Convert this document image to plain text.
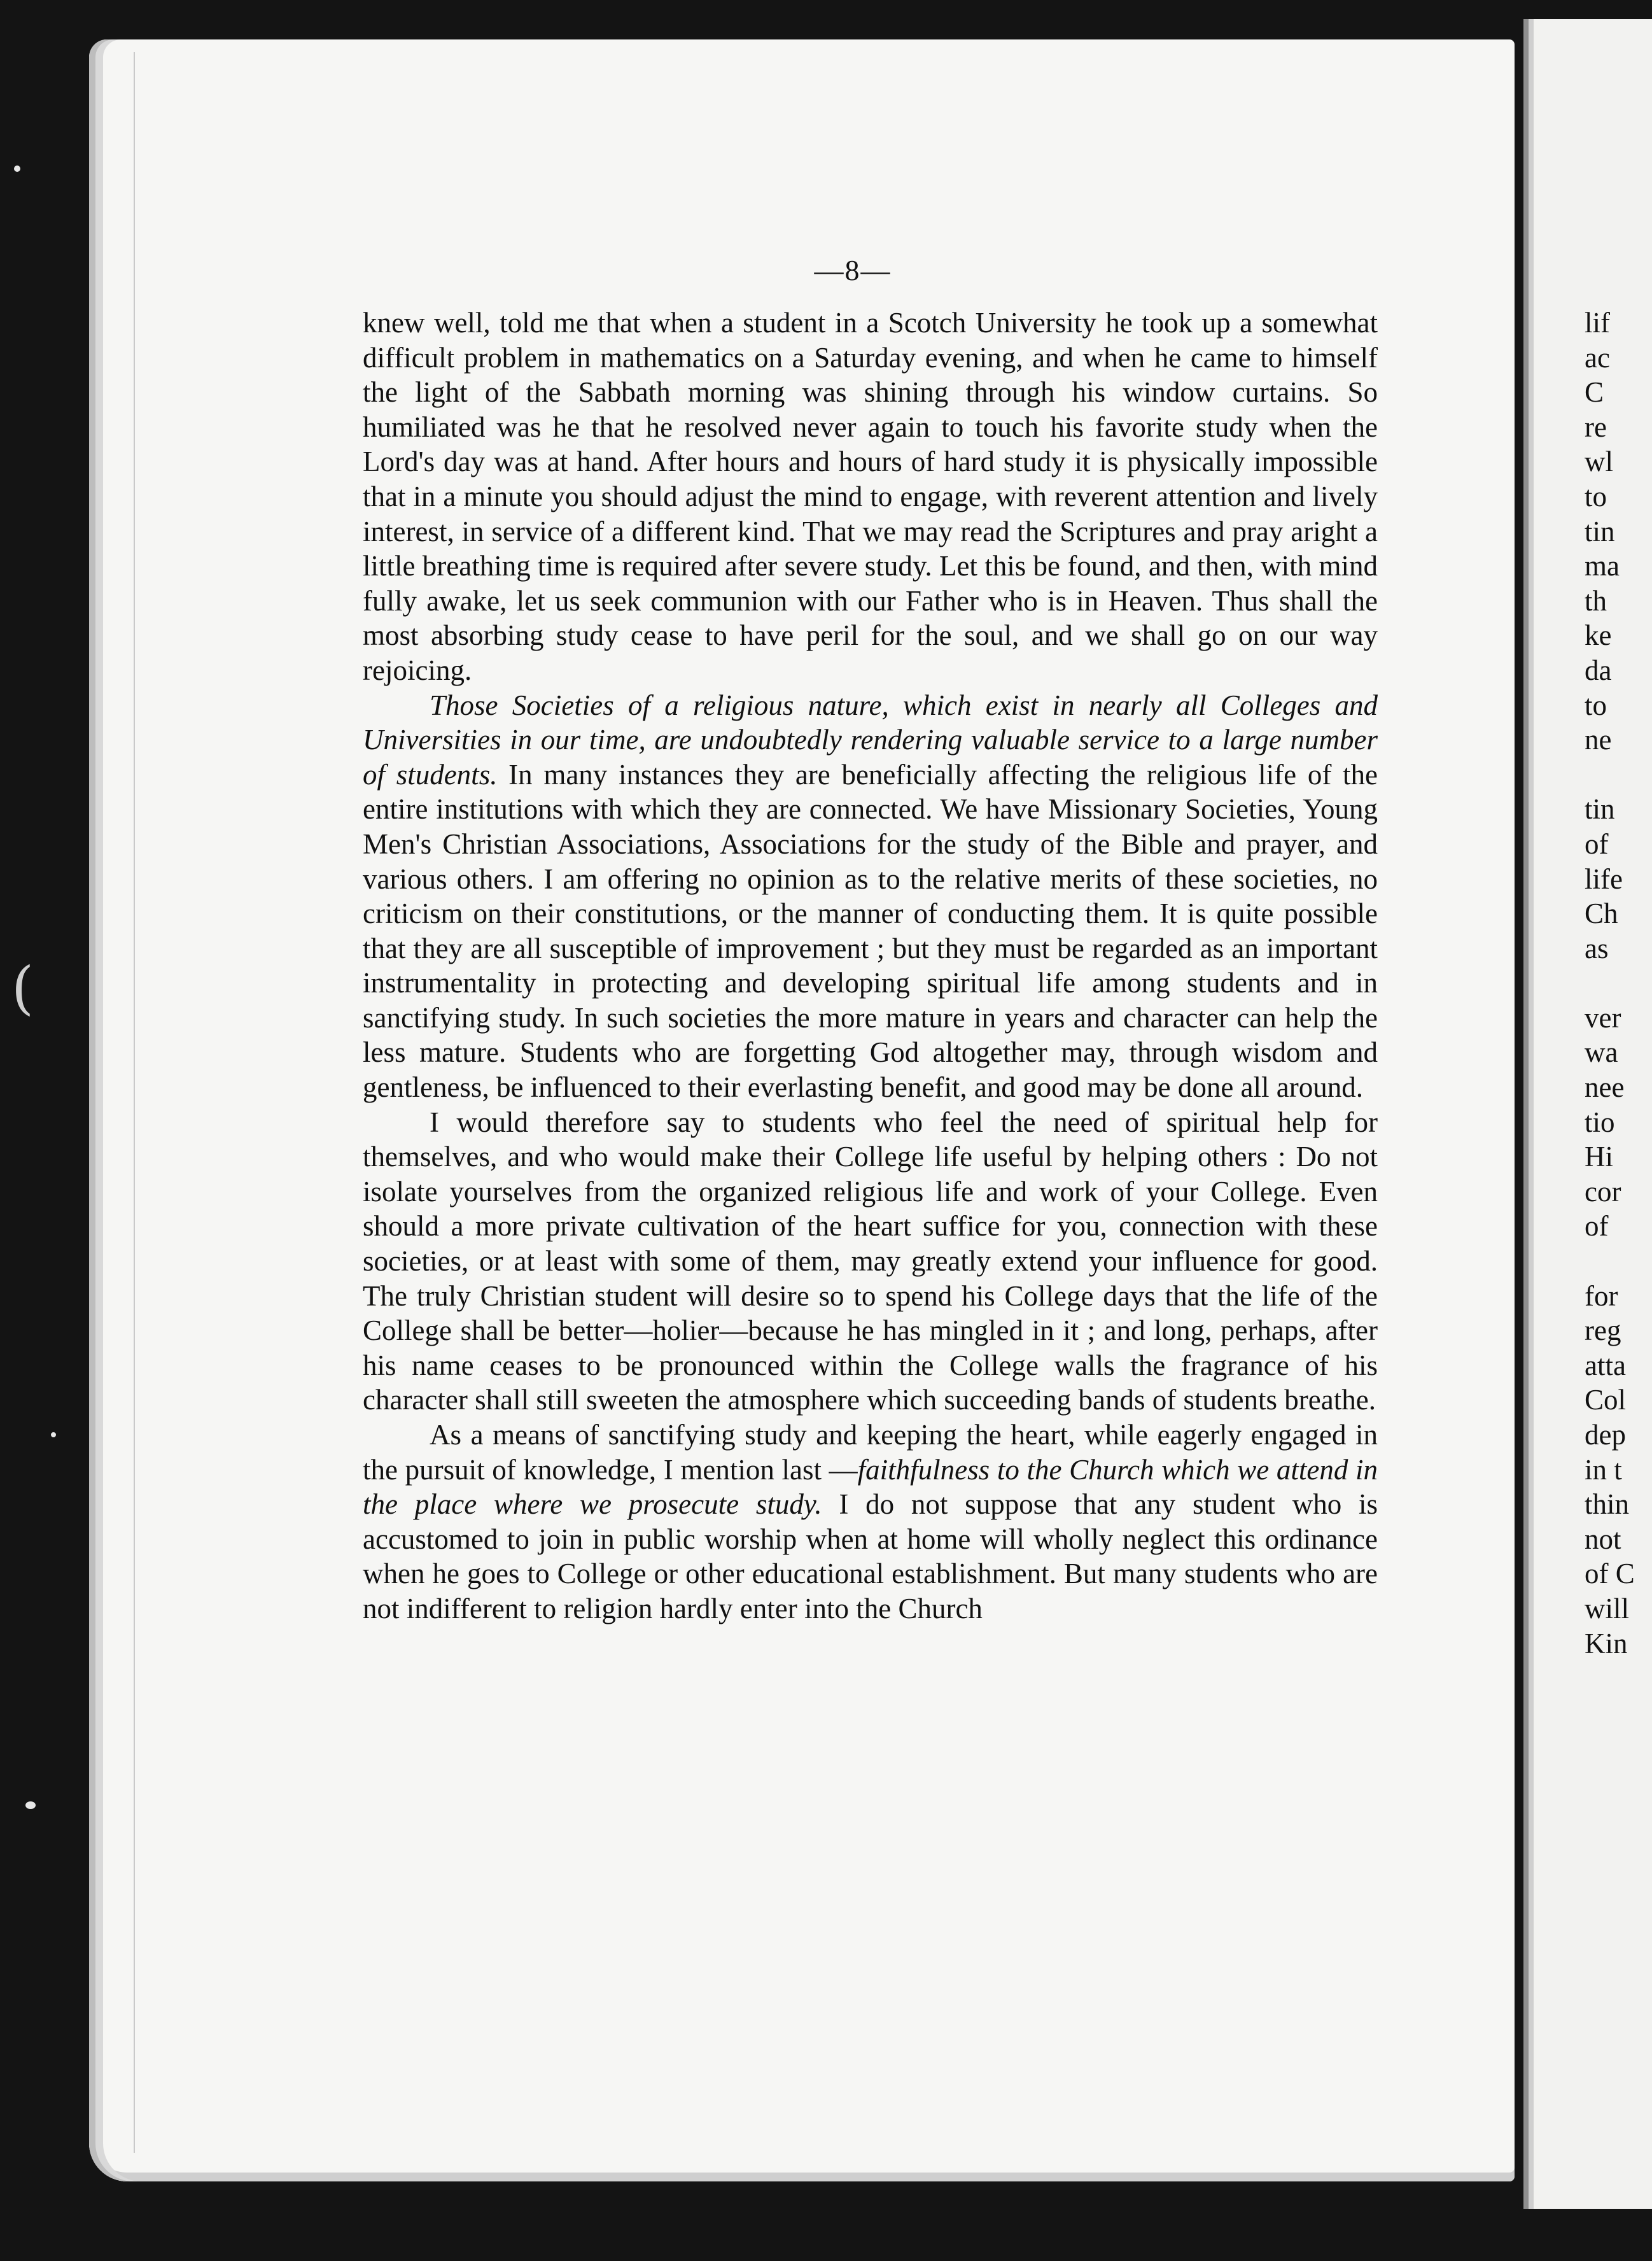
(
—8—

knew well, told me that when a student in a Scotch University he took up a somewhat difficult problem in mathematics on a Saturday evening, and when he came to himself the light of the Sabbath morning was shining through his window curtains. So humiliated was he that he resolved never again to touch his favorite study when the Lord's day was at hand. After hours and hours of hard study it is physically impossible that in a minute you should adjust the mind to engage, with reverent attention and lively interest, in service of a different kind. That we may read the Scriptures and pray aright a little breathing time is required after severe study. Let this be found, and then, with mind fully awake, let us seek communion with our Father who is in Heaven. Thus shall the most absorbing study cease to have peril for the soul, and we shall go on our way rejoicing.

Those Societies of a religious nature, which exist in nearly all Colleges and Universities in our time, are undoubtedly rendering valuable service to a large number of students. In many instances they are beneficially affecting the religious life of the entire institutions with which they are connected. We have Missionary Societies, Young Men's Christian Associations, Associations for the study of the Bible and prayer, and various others. I am offering no opinion as to the relative merits of these societies, no criticism on their constitutions, or the manner of conducting them. It is quite possible that they are all susceptible of improvement ; but they must be regarded as an important instrumentality in protecting and developing spiritual life among students and in sanctifying study. In such societies the more mature in years and character can help the less mature. Students who are forgetting God altogether may, through wisdom and gentleness, be influenced to their everlasting benefit, and good may be done all around.

I would therefore say to students who feel the need of spiritual help for themselves, and who would make their College life useful by helping others : Do not isolate yourselves from the organized religious life and work of your College. Even should a more private cultivation of the heart suffice for you, connection with these societies, or at least with some of them, may greatly extend your influence for good. The truly Christian student will desire so to spend his College days that the life of the College shall be better—holier—because he has mingled in it ; and long, perhaps, after his name ceases to be pronounced within the College walls the fragrance of his character shall still sweeten the atmosphere which succeeding bands of students breathe.

As a means of sanctifying study and keeping the heart, while eagerly engaged in the pursuit of knowledge, I mention last —faithfulness to the Church which we attend in the place where we prosecute study. I do not suppose that any student who is accustomed to join in public worship when at home will wholly neglect this ordinance when he goes to College or other educational establishment. But many students who are not indifferent to religion hardly enter into the Church

lif
ac
C
re
wl
to
tin
ma
th
ke
da
to
ne
tin
of
life
Ch
as
ver
wa
nee
tio
Hi
cor
of
for
reg
atta
Col
dep
in t
thin
not
of C
will
Kin
